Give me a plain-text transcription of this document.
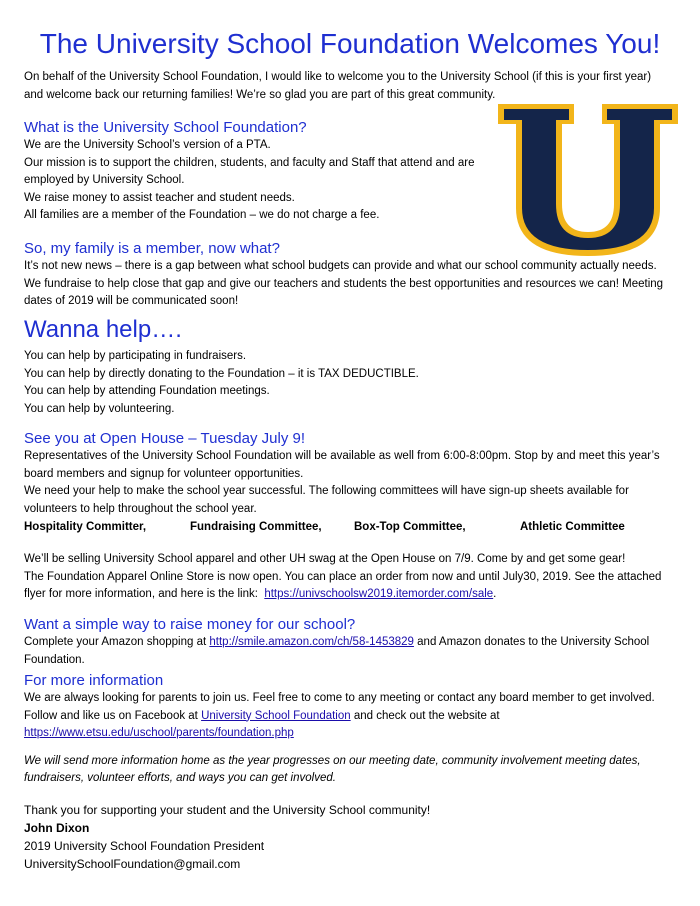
The University School Foundation Welcomes You!
On behalf of the University School Foundation, I would like to welcome you to the University School (if this is your first year)
and welcome back our returning families! We’re so glad you are part of this great community.
What is the University School Foundation?
We are the University School’s version of a PTA.
Our mission is to support the children, students, and faculty and Staff that attend and are
employed by University School.
We raise money to assist teacher and student needs.
All families are a member of the Foundation – we do not charge a fee.
So, my family is a member, now what?
It’s not new news – there is a gap between what school budgets can provide and what our school community actually needs.
We fundraise to help close that gap and give our teachers and students the best opportunities and resources we can! Meeting
dates of 2019 will be communicated soon!
Wanna help….
You can help by participating in fundraisers.
You can help by directly donating to the Foundation – it is TAX DEDUCTIBLE.
You can help by attending Foundation meetings.
You can help by volunteering.
See you at Open House – Tuesday July 9!
Representatives of the University School Foundation will be available as well from 6:00-8:00pm. Stop by and meet this year’s
board members and signup for volunteer opportunities.
We need your help to make the school year successful. The following committees will have sign-up sheets available for
volunteers to help throughout the school year.
Hospitality Committer,	Fundraising Committee,	Box-Top Committee,	Athletic Committee
We’ll be selling University School apparel and other UH swag at the Open House on 7/9. Come by and get some gear!
The Foundation Apparel Online Store is now open. You can place an order from now and until July30, 2019. See the attached
flyer for more information, and here is the link:  https://univschoolsw2019.itemorder.com/sale.
Want a simple way to raise money for our school?
Complete your Amazon shopping at http://smile.amazon.com/ch/58-1453829 and Amazon donates to the University School
Foundation.
For more information
We are always looking for parents to join us. Feel free to come to any meeting or contact any board member to get involved.
Follow and like us on Facebook at University School Foundation and check out the website at
https://www.etsu.edu/uschool/parents/foundation.php
We will send more information home as the year progresses on our meeting date, community involvement meeting dates,
fundraisers, volunteer efforts, and ways you can get involved.
Thank you for supporting your student and the University School community!
John Dixon
2019 University School Foundation President
UniversitySchoolFoundation@gmail.com
